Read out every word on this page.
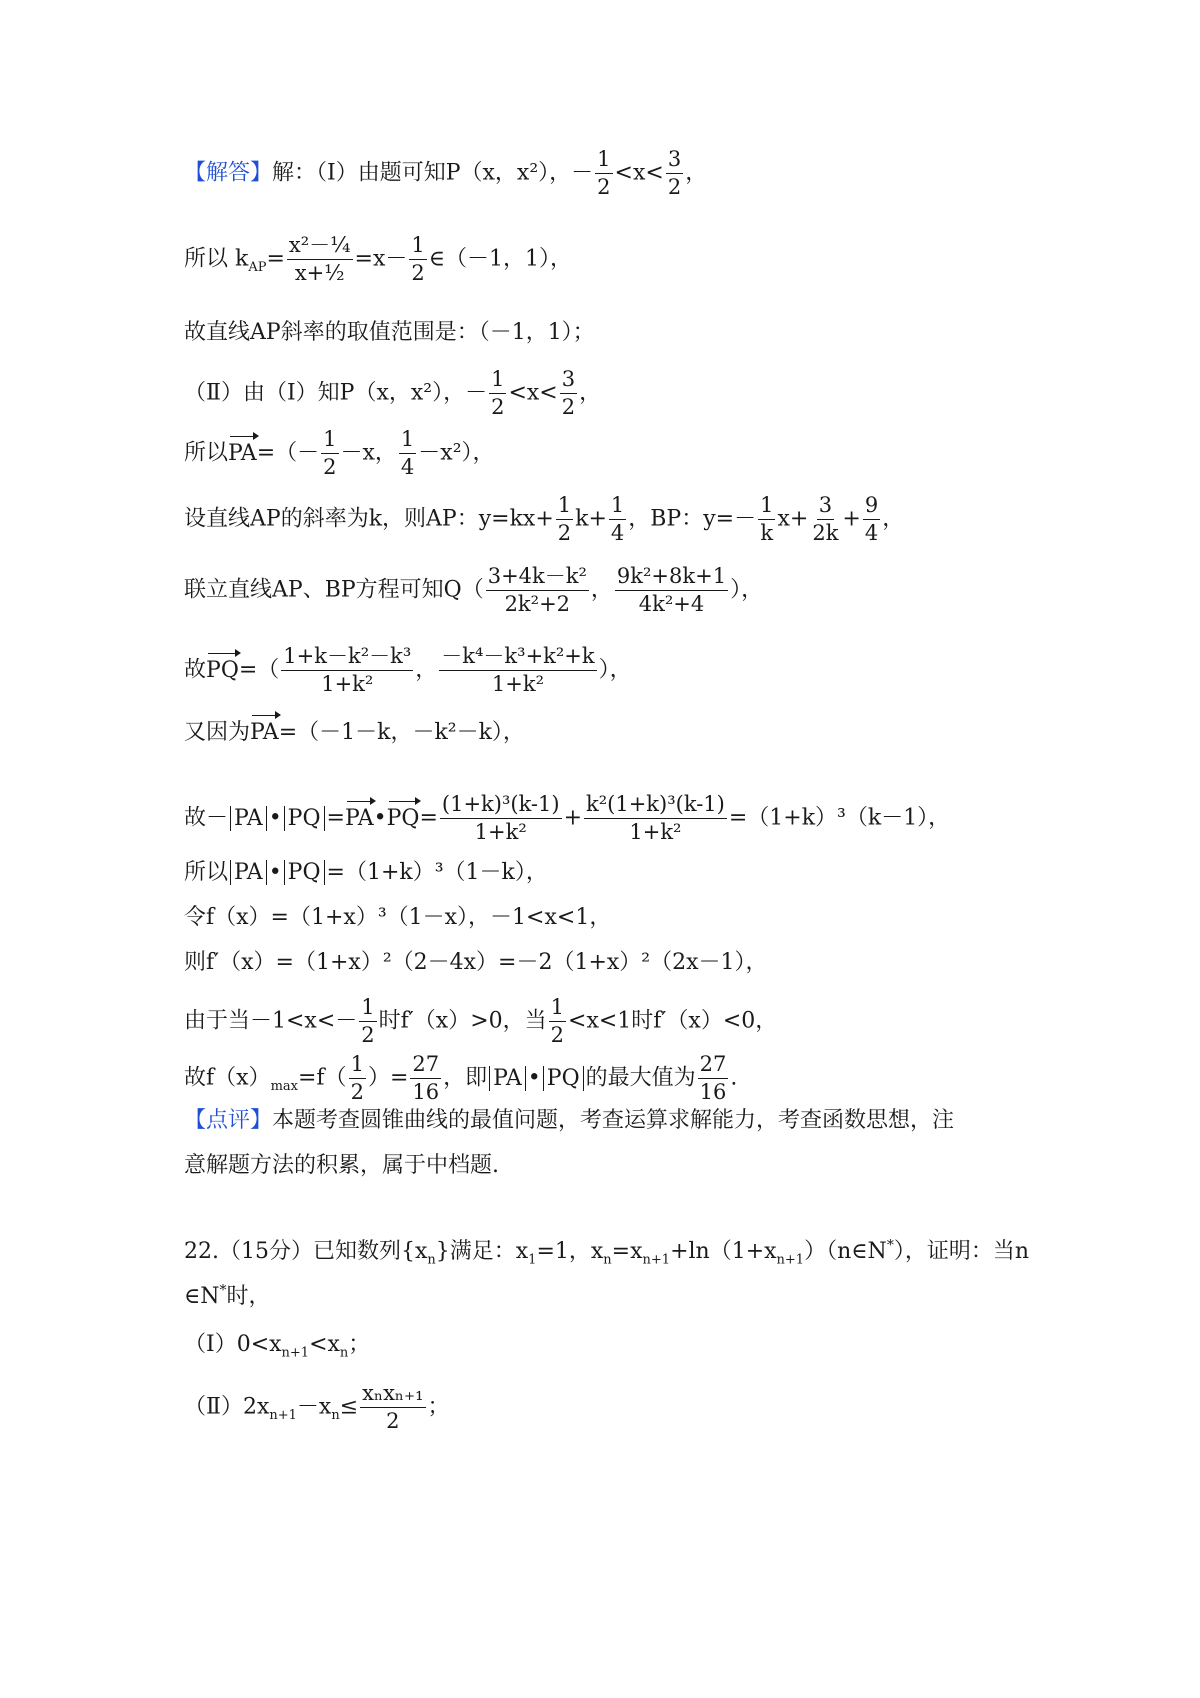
【解答】解：（Ⅰ）由题可知P（x，x²），－ $\frac{1}{2} <x< \frac{3}{2}$ ，
所以 $k_{AP}= \frac{\text{x²－¼}}{\text{x+½}} =x- \frac{1}{2}$ ∈（－1，1），
故直线AP斜率的取值范围是：（－1，1）；
（Ⅱ）由（I）知P（x，x²），－ $\frac{1}{2} <x< \frac{3}{2}$ ，
所以$PA=(- \frac{1}{2} -x$， $\frac{1}{4} -x^2$），
设直线AP的斜率为k，则AP：$y=kx+ \frac{1}{2} k+ \frac{1}{4}$ ，BP：$y=- \frac{1}{k} x+ \frac{3}{2k} + \frac{9}{4}$ ，
联立直线AP、BP方程可知$Q( \frac{\text{3+4k－k²}}{\text{2k²+2}}$ ， $\frac{\text{9k²+8k+1}}{\text{4k²+4}}$ ），
故$PQ=( \frac{\text{1+k－k²－k³}}{\text{1+k²}}$ ， $\frac{\text{－k⁴－k³+k²+k}}{\text{1+k²}}$ ），
又因为PA=（－1－k，－k²－k），
故－ PA • PQ =PA•PQ= $\frac{\text{(1+k)³(k-1)}}{\text{1+k²}} + \frac{\text{k²(1+k)³(k-1)}}{\text{1+k²}} =(1+k)^3(k-1)$，
所以 PA • PQ =（1+k）³（1－k），
令f（x）=（1+x）³（1－x），－1<x<1，
则f′（x）=（1+x）²（2－4x）=－2（1+x）²（2x－1），
由于当$-1<x<- \frac{1}{2}$ 时f′（x）>0，当 $\frac{1}{2} <x<1$时f′（x）<0，
故$f(x)_{max}=f( \frac{1}{2}$ ）= $\frac{27}{16}$ ，即 PA • PQ 的最大值为 $\frac{27}{16}$ .
【点评】本题考查圆锥曲线的最值问题，考查运算求解能力，考查函数思想，注
意解题方法的积累，属于中档题.
22.（15分）已知数列$\{x_n\}$满足：$x_1=1$，$x_n=x_{n+1}+\ln(1+x_{n+1})(n\in N^*)$，证明：当n
∈N*时，
$(Ⅰ)0<x_{n+1}<x_n$；
$(Ⅱ)2x_{n+1}-x_n\le$
xₙxₙ₊₁
2
；
